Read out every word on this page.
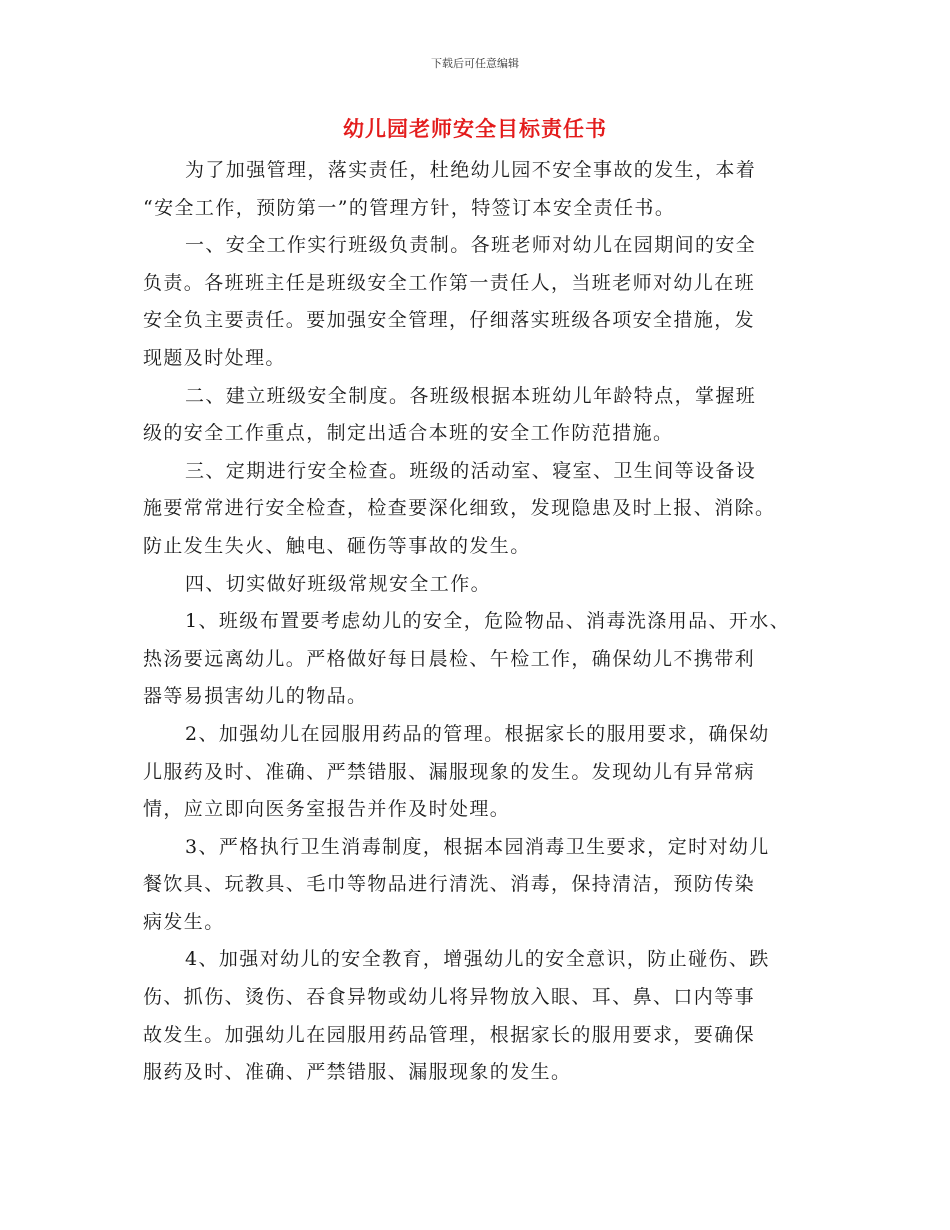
下载后可任意编辑
幼儿园老师安全目标责任书
为了加强管理，落实责任，杜绝幼儿园不安全事故的发生，本着
“安全工作，预防第一”的管理方针，特签订本安全责任书。
一、安全工作实行班级负责制。各班老师对幼儿在园期间的安全
负责。各班班主任是班级安全工作第一责任人，当班老师对幼儿在班
安全负主要责任。要加强安全管理，仔细落实班级各项安全措施，发
现题及时处理。
二、建立班级安全制度。各班级根据本班幼儿年龄特点，掌握班
级的安全工作重点，制定出适合本班的安全工作防范措施。
三、定期进行安全检查。班级的活动室、寝室、卫生间等设备设
施要常常进行安全检查，检查要深化细致，发现隐患及时上报、消除。
防止发生失火、触电、砸伤等事故的发生。
四、切实做好班级常规安全工作。
1、班级布置要考虑幼儿的安全，危险物品、消毒洗涤用品、开水、
热汤要远离幼儿。严格做好每日晨检、午检工作，确保幼儿不携带利
器等易损害幼儿的物品。
2、加强幼儿在园服用药品的管理。根据家长的服用要求，确保幼
儿服药及时、准确、严禁错服、漏服现象的发生。发现幼儿有异常病
情，应立即向医务室报告并作及时处理。
3、严格执行卫生消毒制度，根据本园消毒卫生要求，定时对幼儿
餐饮具、玩教具、毛巾等物品进行清洗、消毒，保持清洁，预防传染
病发生。
4、加强对幼儿的安全教育，增强幼儿的安全意识，防止碰伤、跌
伤、抓伤、烫伤、吞食异物或幼儿将异物放入眼、耳、鼻、口内等事
故发生。加强幼儿在园服用药品管理，根据家长的服用要求，要确保
服药及时、准确、严禁错服、漏服现象的发生。
